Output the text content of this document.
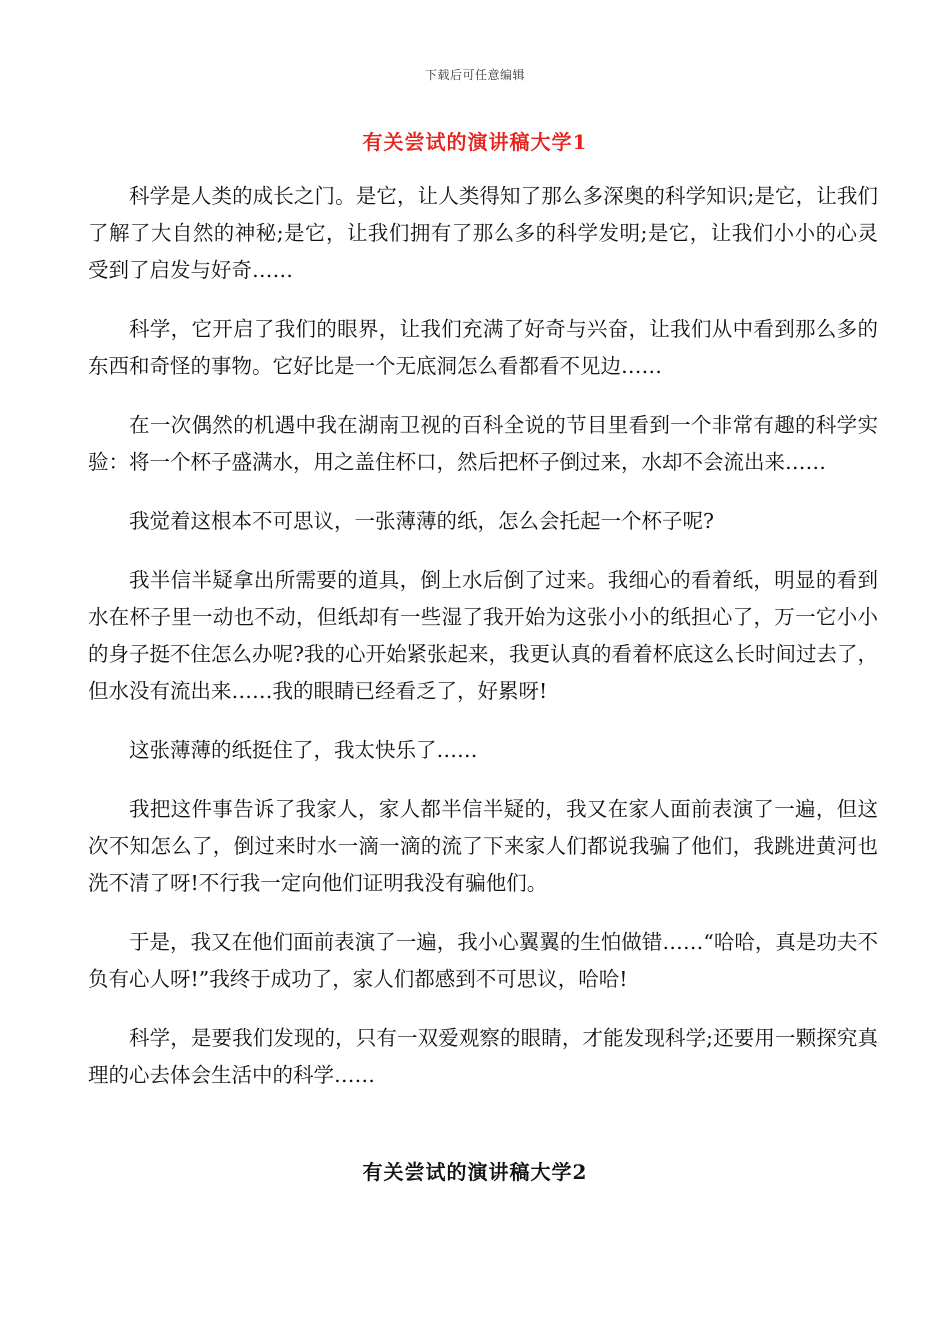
下载后可任意编辑
有关尝试的演讲稿大学1

科学是人类的成长之门。是它，让人类得知了那么多深奥的科学知识;是它，让我们了解了大自然的神秘;是它，让我们拥有了那么多的科学发明;是它，让我们小小的心灵受到了启发与好奇……

科学，它开启了我们的眼界，让我们充满了好奇与兴奋，让我们从中看到那么多的东西和奇怪的事物。它好比是一个无底洞怎么看都看不见边……

在一次偶然的机遇中我在湖南卫视的百科全说的节目里看到一个非常有趣的科学实验：将一个杯子盛满水，用之盖住杯口，然后把杯子倒过来，水却不会流出来……

我觉着这根本不可思议，一张薄薄的纸，怎么会托起一个杯子呢?

我半信半疑拿出所需要的道具，倒上水后倒了过来。我细心的看着纸，明显的看到水在杯子里一动也不动，但纸却有一些湿了我开始为这张小小的纸担心了，万一它小小的身子挺不住怎么办呢?我的心开始紧张起来，我更认真的看着杯底这么长时间过去了，但水没有流出来……我的眼睛已经看乏了，好累呀!

这张薄薄的纸挺住了，我太快乐了……

我把这件事告诉了我家人，家人都半信半疑的，我又在家人面前表演了一遍，但这次不知怎么了，倒过来时水一滴一滴的流了下来家人们都说我骗了他们，我跳进黄河也洗不清了呀!不行我一定向他们证明我没有骗他们。

于是，我又在他们面前表演了一遍，我小心翼翼的生怕做错……“哈哈，真是功夫不负有心人呀!”我终于成功了，家人们都感到不可思议，哈哈!

科学，是要我们发现的，只有一双爱观察的眼睛，才能发现科学;还要用一颗探究真理的心去体会生活中的科学……

有关尝试的演讲稿大学2
